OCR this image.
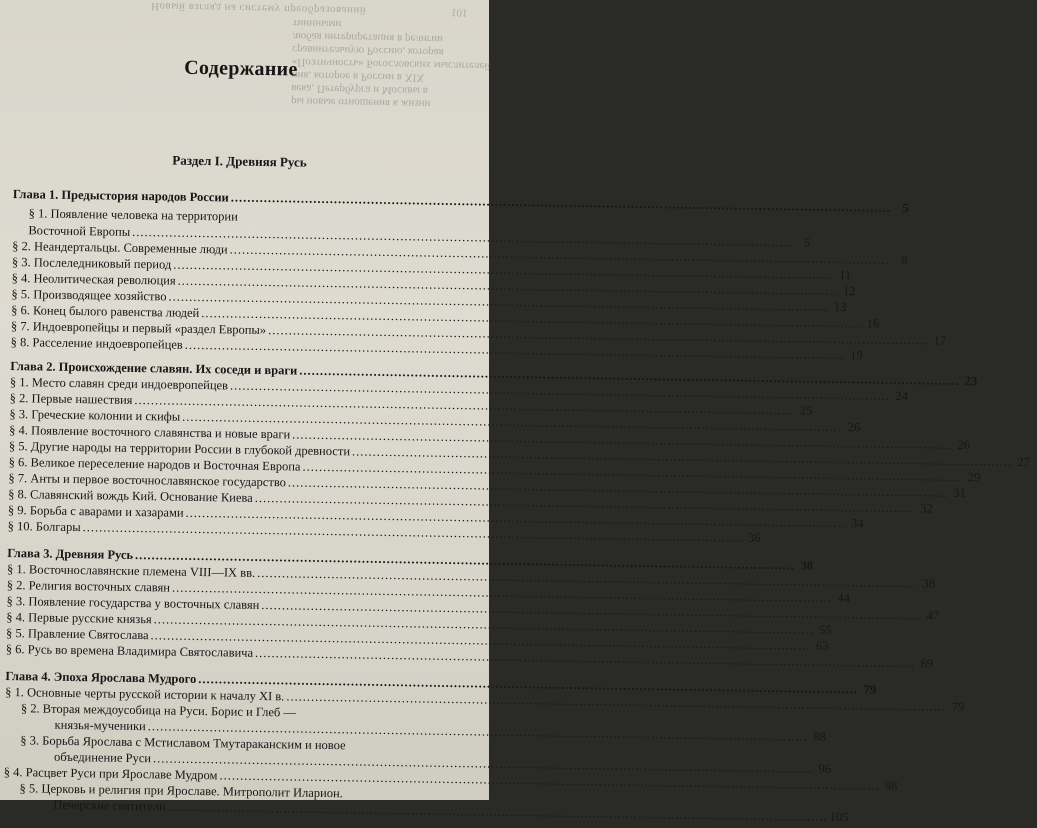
Новый взгляд на систему преобразований	101
ры новые отношения к жизни
века, Петербурга и Москвы в
ния, которое в России в XIX
«Поэтичность» Богословских мыслителей
сравнительную Россию, которая
любая интерпретация в религии
тиинными
Содержание
Раздел I. Древняя Русь
Глава 1. Предыстория народов России
.....
5
§ 1. Появление человека на территории
Восточной Европы
.....
5
§ 2. Неандертальцы. Современные люди
.....
8
§ 3. Послеледниковый период
.....
11
§ 4. Неолитическая революция
.....
12
§ 5. Производящее хозяйство
.....
13
§ 6. Конец былого равенства людей
.....
16
§ 7. Индоевропейцы и первый «раздел Европы»
.....
17
§ 8. Расселение индоевропейцев
.....
19
Глава 2. Происхождение славян. Их соседи и враги
.....
23
§ 1. Место славян среди индоевропейцев
.....
24
§ 2. Первые нашествия
.....
25
§ 3. Греческие колонии и скифы
.....
26
§ 4. Появление восточного славянства и новые враги
.....
26
§ 5. Другие народы на территории России в глубокой древности
.....
27
§ 6. Великое переселение народов и Восточная Европа
.....
29
§ 7. Анты и первое восточнославянское государство
.....
31
§ 8. Славянский вождь Кий. Основание Киева
.....
32
§ 9. Борьба с аварами и хазарами
.....
34
§ 10. Болгары
.....
36
Глава 3. Древняя Русь
.....
38
§ 1. Восточнославянские племена VIII—IX вв.
.....
38
§ 2. Религия восточных славян
.....
44
§ 3. Появление государства у восточных славян
.....
47
§ 4. Первые русские князья
.....
55
§ 5. Правление Святослава
.....
63
§ 6. Русь во времена Владимира Святославича
.....
69
Глава 4. Эпоха Ярослава Мудрого
.....
79
§ 1. Основные черты русской истории к началу XI в.
.....
79
§ 2. Вторая междоусобица на Руси. Борис и Глеб —
князья-мученики
.....
88
§ 3. Борьба Ярослава с Мстиславом Тмутараканским и новое
объединение Руси
.....
96
§ 4. Расцвет Руси при Ярославе Мудром
.....
98
§ 5. Церковь и религия при Ярославе. Митрополит Иларион.
Печерские святители
.....
105
